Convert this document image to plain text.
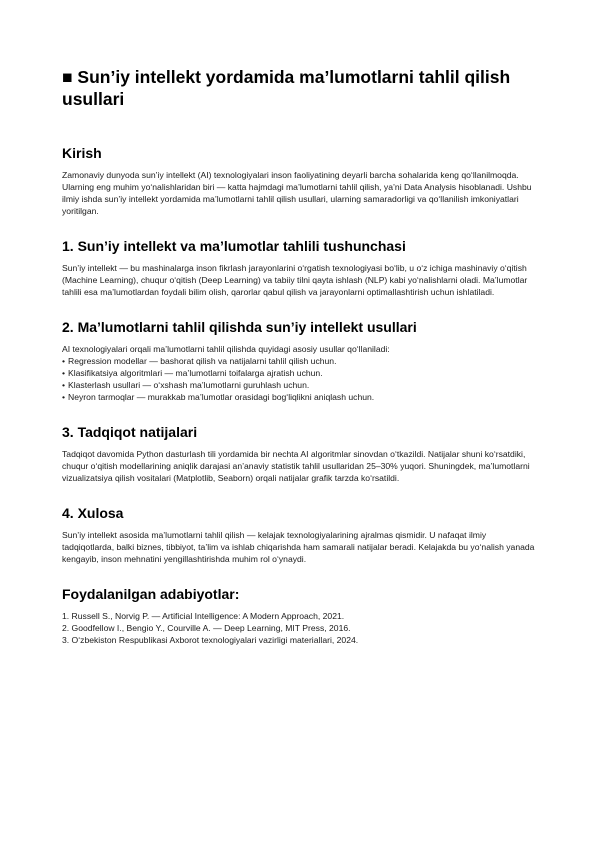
■ Sun’iy intellekt yordamida ma’lumotlarni tahlil qilish usullari
Kirish

Zamonaviy dunyoda sun’iy intellekt (AI) texnologiyalari inson faoliyatining deyarli barcha sohalarida keng qo‘llanilmoqda. Ularning eng muhim yo‘nalishlaridan biri — katta hajmdagi ma’lumotlarni tahlil qilish, ya’ni Data Analysis hisoblanadi. Ushbu ilmiy ishda sun’iy intellekt yordamida ma’lumotlarni tahlil qilish usullari, ularning samaradorligi va qo‘llanilish imkoniyatlari yoritilgan.

1. Sun’iy intellekt va ma’lumotlar tahlili tushunchasi

Sun’iy intellekt — bu mashinalarga inson fikrlash jarayonlarini o‘rgatish texnologiyasi bo‘lib, u o‘z ichiga mashinaviy o‘qitish (Machine Learning), chuqur o‘qitish (Deep Learning) va tabiiy tilni qayta ishlash (NLP) kabi yo‘nalishlarni oladi. Ma’lumotlar tahlili esa ma’lumotlardan foydali bilim olish, qarorlar qabul qilish va jarayonlarni optimallashtirish uchun ishlatiladi.

2. Ma’lumotlarni tahlil qilishda sun’iy intellekt usullari

AI texnologiyalari orqali ma’lumotlarni tahlil qilishda quyidagi asosiy usullar qo‘llaniladi:

• Regression modellar — bashorat qilish va natijalarni tahlil qilish uchun.
• Klasifikatsiya algoritmlari — ma’lumotlarni toifalarga ajratish uchun.
• Klasterlash usullari — o‘xshash ma’lumotlarni guruhlash uchun.
• Neyron tarmoqlar — murakkab ma’lumotlar orasidagi bog‘liqlikni aniqlash uchun.
3. Tadqiqot natijalari

Tadqiqot davomida Python dasturlash tili yordamida bir nechta AI algoritmlar sinovdan o‘tkazildi. Natijalar shuni ko‘rsatdiki, chuqur o‘qitish modellarining aniqlik darajasi an’anaviy statistik tahlil usullaridan 25–30% yuqori. Shuningdek, ma’lumotlarni vizualizatsiya qilish vositalari (Matplotlib, Seaborn) orqali natijalar grafik tarzda ko‘rsatildi.

4. Xulosa

Sun’iy intellekt asosida ma’lumotlarni tahlil qilish — kelajak texnologiyalarining ajralmas qismidir. U nafaqat ilmiy tadqiqotlarda, balki biznes, tibbiyot, ta’lim va ishlab chiqarishda ham samarali natijalar beradi. Kelajakda bu yo‘nalish yanada kengayib, inson mehnatini yengillashtirishda muhim rol o‘ynaydi.

Foydalanilgan adabiyotlar:
1. Russell S., Norvig P. — Artificial Intelligence: A Modern Approach, 2021.
2. Goodfellow I., Bengio Y., Courville A. — Deep Learning, MIT Press, 2016.
3. O‘zbekiston Respublikasi Axborot texnologiyalari vazirligi materiallari, 2024.
